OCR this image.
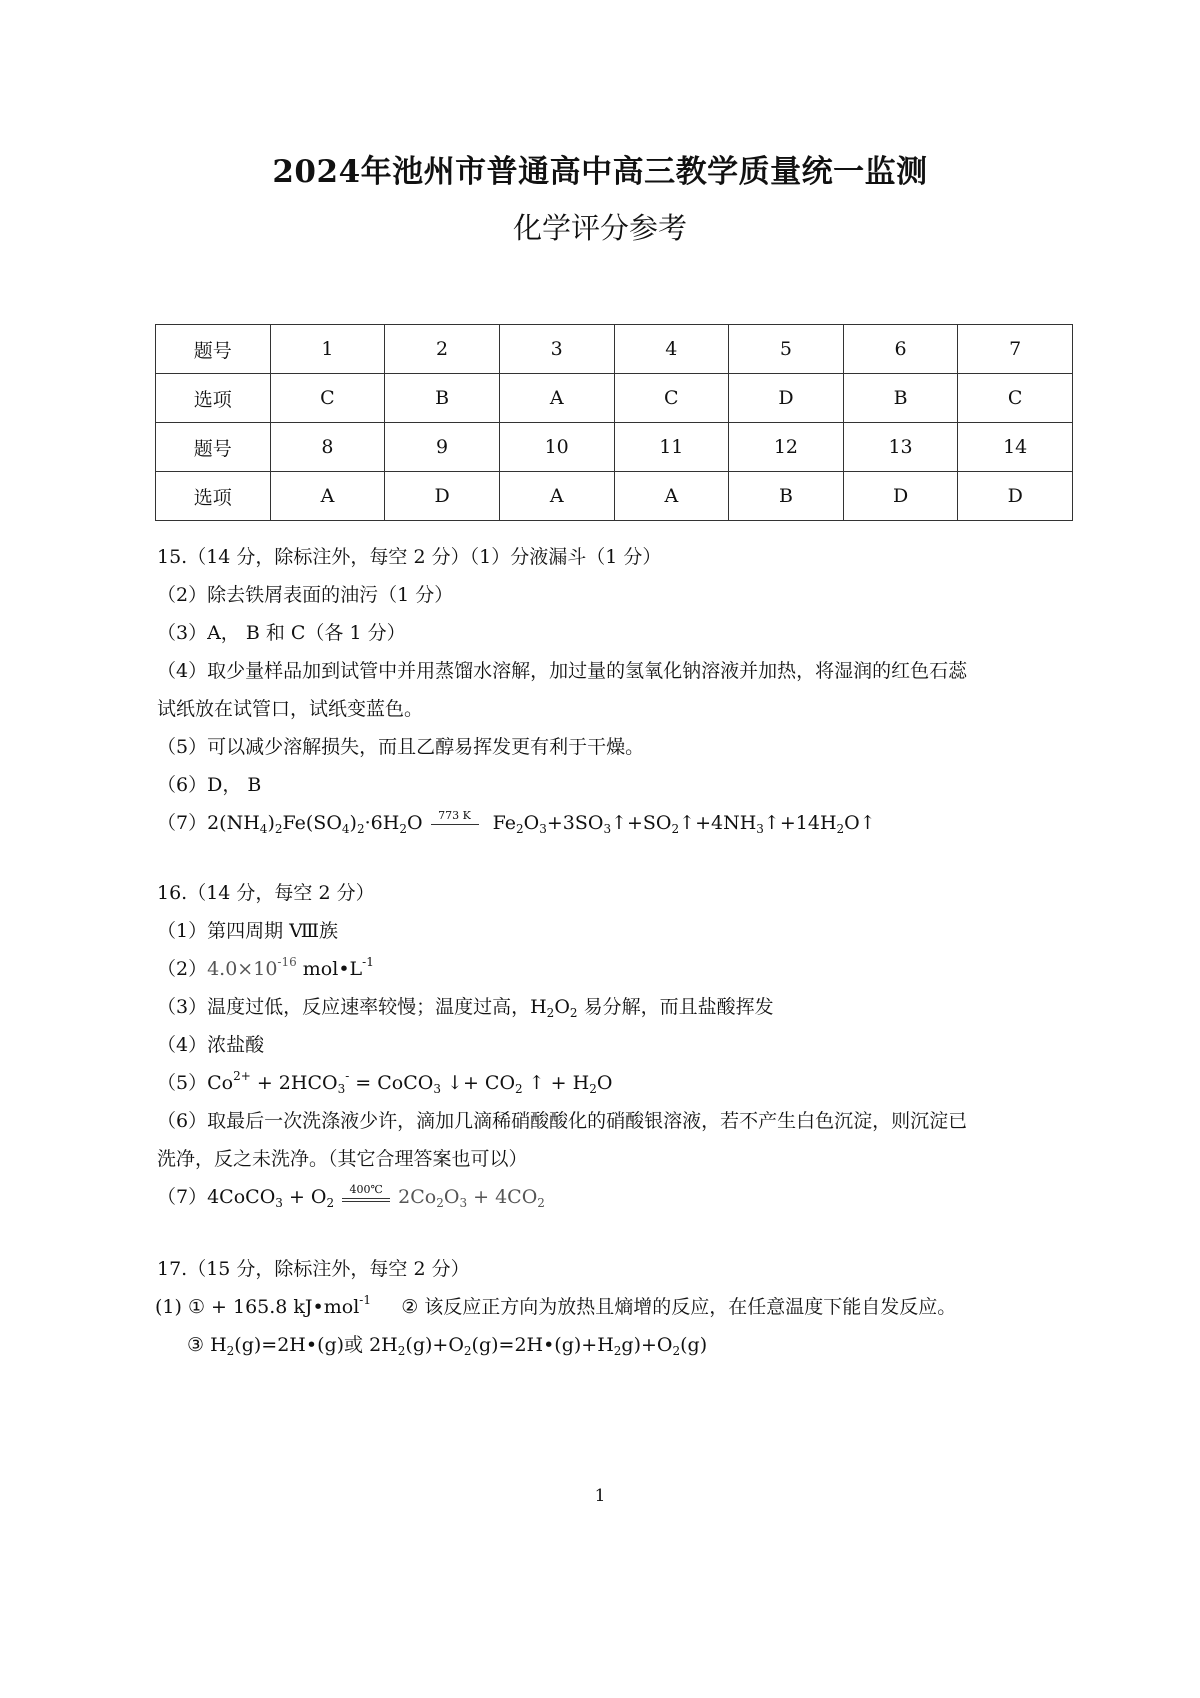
2024年池州市普通高中高三教学质量统一监测
化学评分参考
题号	1	2	3	4	5	6	7
选项	C	B	A	C	D	B	C
题号	8	9	10	11	12	13	14
选项	A	D	A	A	B	D	D
15.（14 分，除标注外，每空 2 分）（1）分液漏斗（1 分）
（2）除去铁屑表面的油污（1 分）
（3）A， B 和 C（各 1 分）
（4）取少量样品加到试管中并用蒸馏水溶解，加过量的氢氧化钠溶液并加热，将湿润的红色石蕊
试纸放在试管口，试纸变蓝色。
（5）可以减少溶解损失，而且乙醇易挥发更有利于干燥。
（6）D， B
$(7)2(NH_4)_2Fe(SO_4)_2\cdot 6H_2O$	773 K $Fe_2O_3+3SO_3↑+SO_2↑+4NH_3↑+14H_2O↑$
16.（14 分，每空 2 分）
（1）第四周期 Ⅷ族
$(2)4.0\times 10^{-16}$ $mol•L^{-1}$
（3）温度过低，反应速率较慢；温度过高，$H_2O_2$ 易分解，而且盐酸挥发
（4）浓盐酸
$(5)Co^{2+} + 2HCO_3^-$ = CoCO$_3$ ↓+ $CO_2$ ↑ + $H_2O$
（6）取最后一次洗涤液少许，滴加几滴稀硝酸酸化的硝酸银溶液，若不产生白色沉淀，则沉淀已
洗净，反之未洗净。（其它合理答案也可以）
（7）4CoCO$_3$ + $O_2$
400℃ $2Co_2O_3 + 4CO_2$
17.（15 分，除标注外，每空 2 分）
(1) ① + 165.8 kJ•mol$^{-1}$ ② 该反应正方向为放热且熵增的反应，在任意温度下能自发反应。
③ $H_2(g)=2H•(g)$或 $2H_2(g)+O_2(g)=2H•(g)+H_2g)+O_2(g)$
1
